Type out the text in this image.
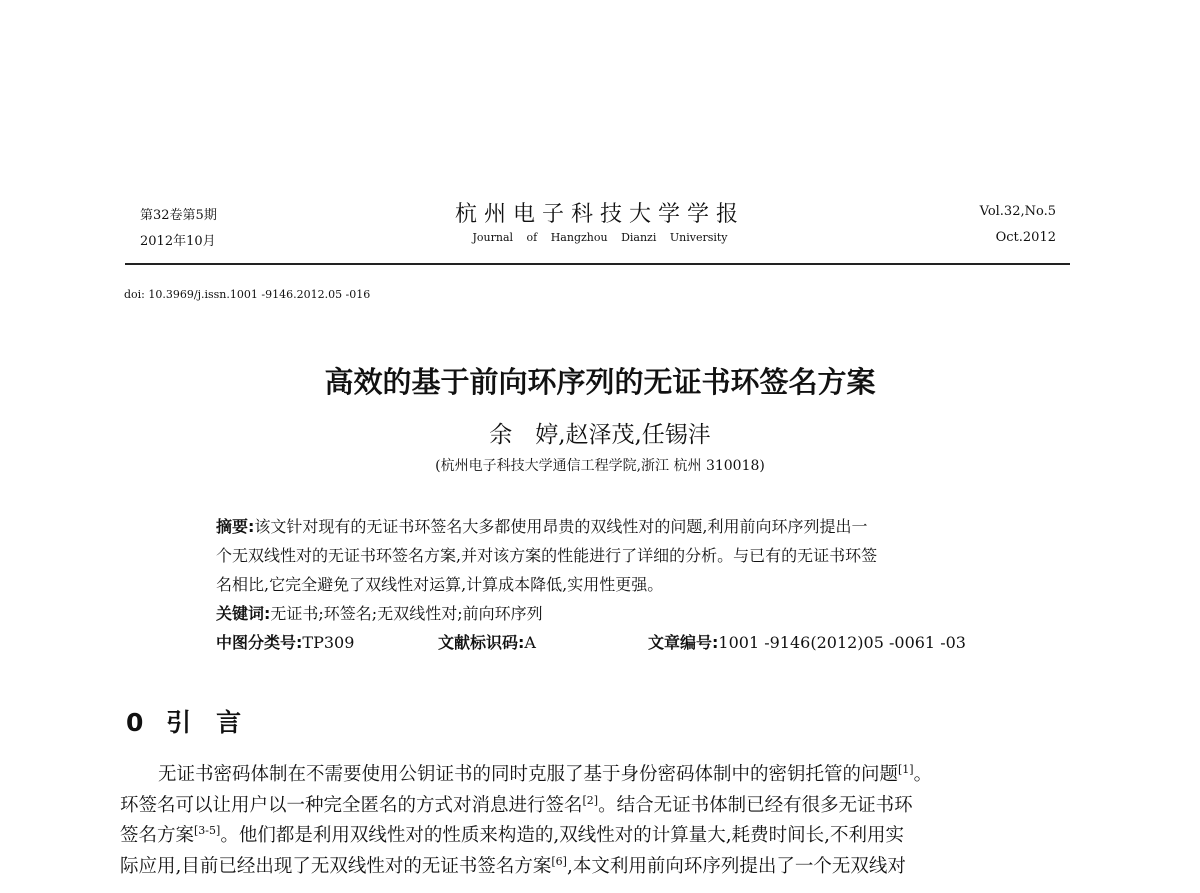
第32卷第5期
2012年10月
杭州电子科技大学学报
Journal of Hangzhou Dianzi University
Vol.32,No.5
Oct.2012
doi: 10.3969/j.issn.1001 -9146.2012.05 -016
高效的基于前向环序列的无证书环签名方案
余　婷,赵泽茂,任锡沣
(杭州电子科技大学通信工程学院,浙江 杭州 310018)
摘要:该文针对现有的无证书环签名大多都使用昂贵的双线性对的问题,利用前向环序列提出一
个无双线性对的无证书环签名方案,并对该方案的性能进行了详细的分析。与已有的无证书环签
名相比,它完全避免了双线性对运算,计算成本降低,实用性更强。
关键词:无证书;环签名;无双线性对;前向环序列
中图分类号:TP309	文献标识码:A	文章编号:1001 -9146(2012)05 -0061 -03
0 引　言
无证书密码体制在不需要使用公钥证书的同时克服了基于身份密码体制中的密钥托管的问题[1]。
环签名可以让用户以一种完全匿名的方式对消息进行签名[2]。结合无证书体制已经有很多无证书环
签名方案[3-5]。他们都是利用双线性对的性质来构造的,双线性对的计算量大,耗费时间长,不利用实
际应用,目前已经出现了无双线性对的无证书签名方案[6],本文利用前向环序列提出了一个无双线对
